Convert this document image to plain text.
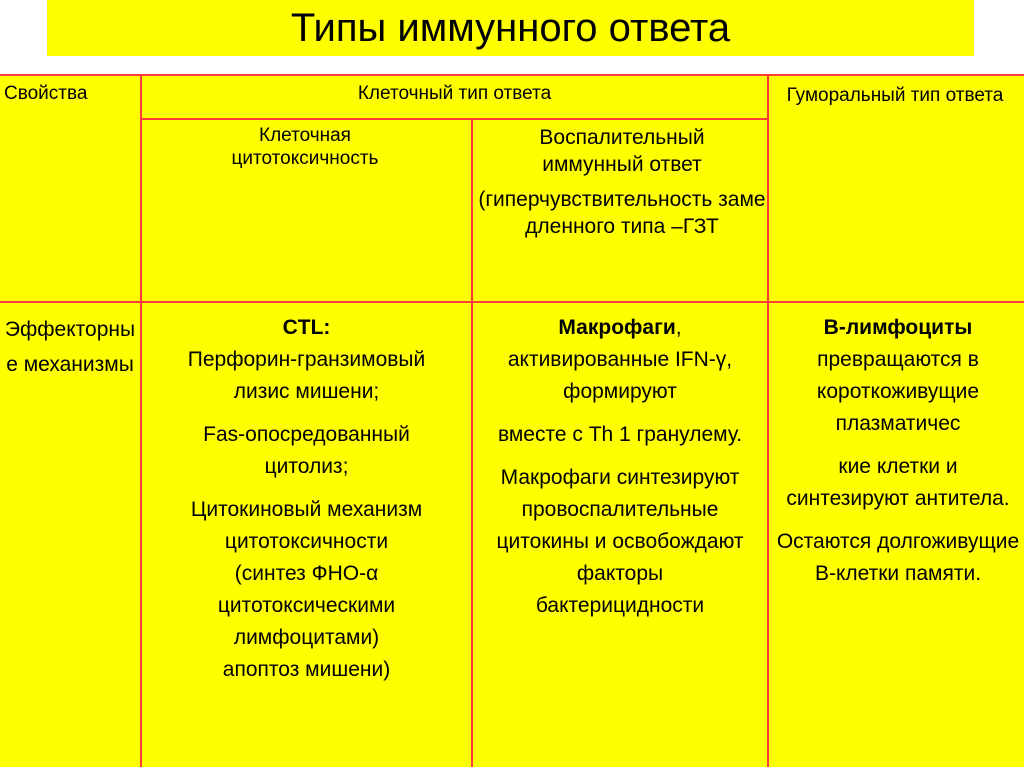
Типы иммунного ответа
Свойства	Клеточный тип ответа	Гуморальный тип ответа
Клеточная цитотоксичность

Воспалительный иммунный ответ

(гиперчувствительность замедленного типа –ГЗТ

Эффекторные механизмы

CTL:

Перфорин-гранзимовый

лизис мишени;

Fas-опосредованный

цитолиз;

Цитокиновый механизм

цитотоксичности

(синтез ФНО-α

цитотоксическими

лимфоцитами)

апоптоз мишени)

Макрофаги, активированные IFN-γ, формируют

вместе с Th 1 гранулему.

Макрофаги синтезируют провоспалительные цитокины и освобождают факторы бактерицидности

В-лимфоциты превращаются в короткоживущие плазматичес

кие клетки и синтезируют антитела.

Остаются долгоживущие В-клетки памяти.
